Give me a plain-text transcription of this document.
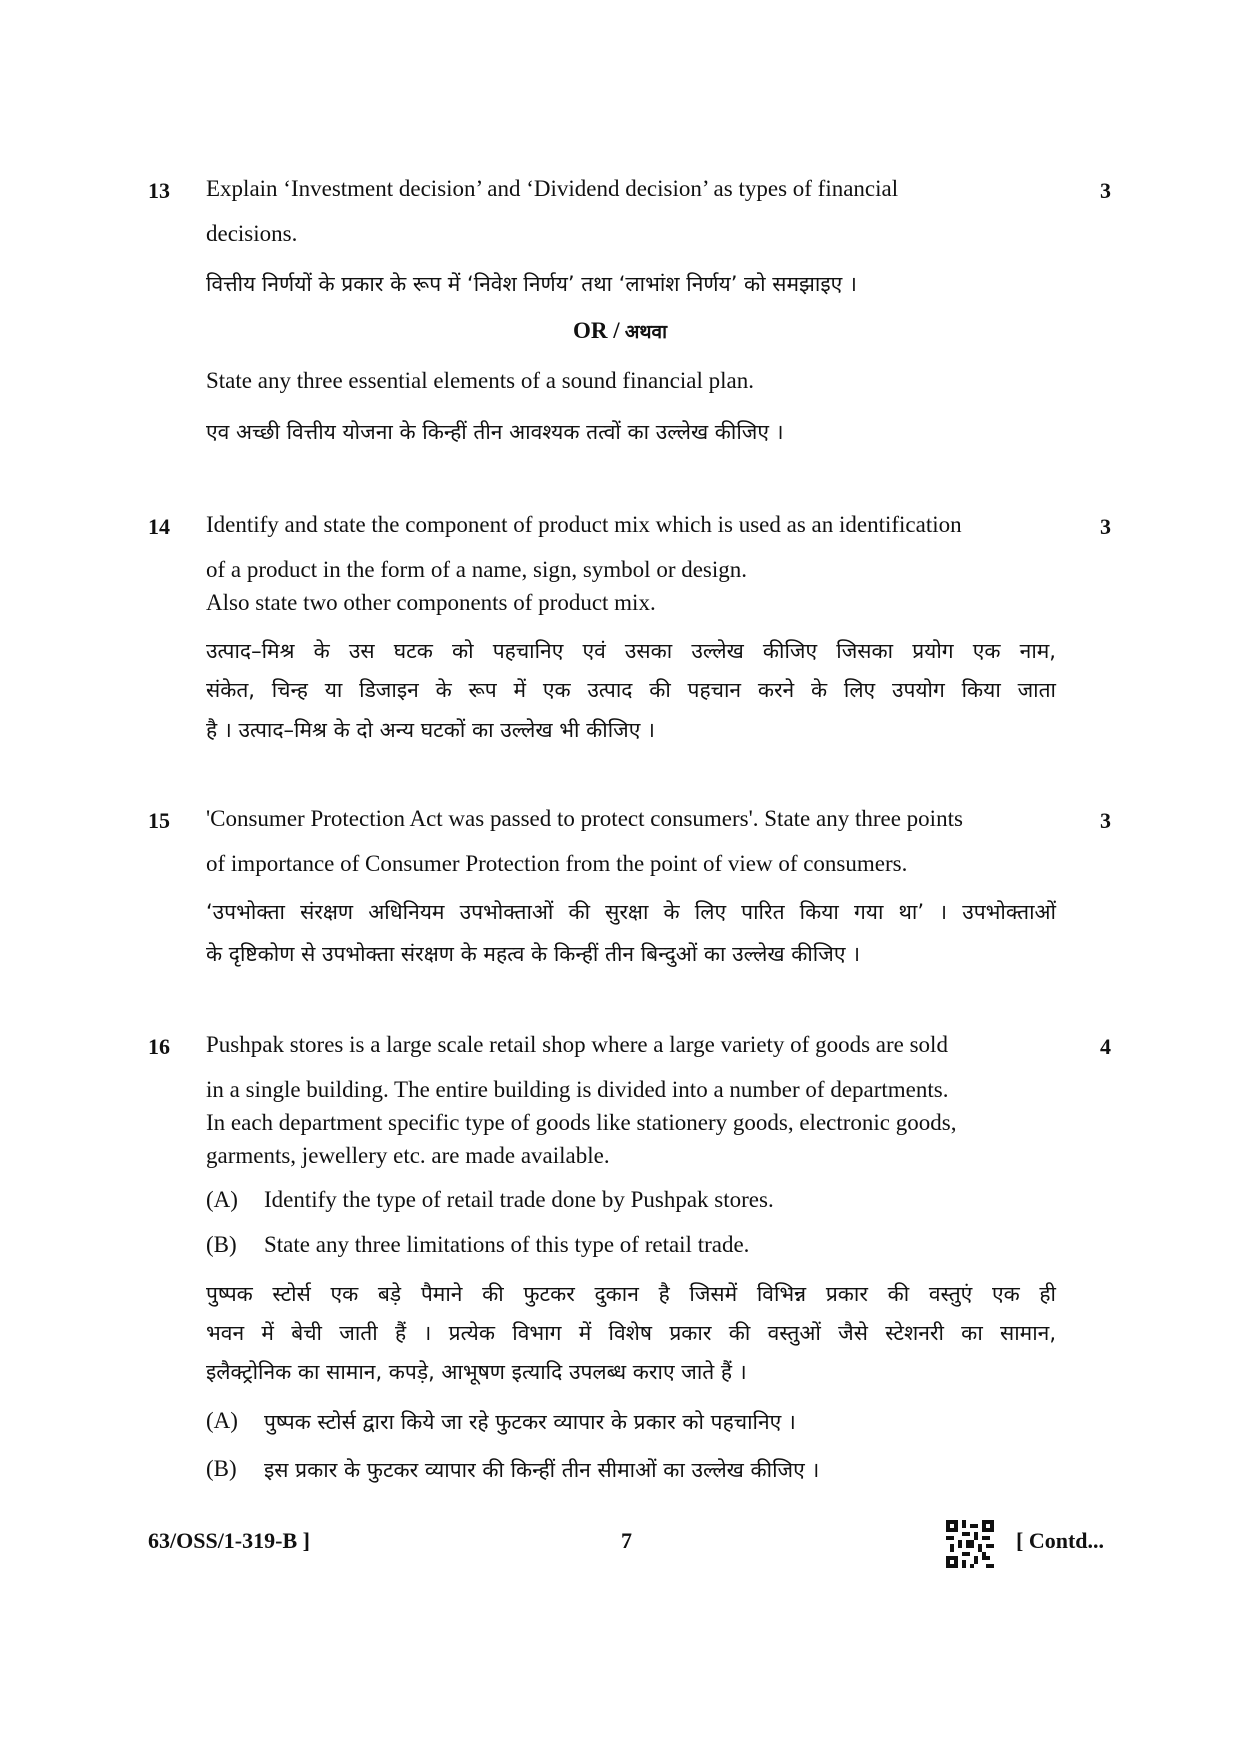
13	3
Explain ‘Investment decision’ and ‘Dividend decision’ as types of financial
decisions.
वित्तीय निर्णयों के प्रकार के रूप में ‘निवेश निर्णय’ तथा ‘लाभांश निर्णय’ को समझाइए ।
OR / अथवा
State any three essential elements of a sound financial plan.
एव अच्छी वित्तीय योजना के किन्हीं तीन आवश्यक तत्वों का उल्लेख कीजिए ।
14	3
Identify and state the component of product mix which is used as an identification
of a product in the form of a name, sign, symbol or design.
Also state two other components of product mix.
उत्पाद–मिश्र के उस घटक को पहचानिए एवं उसका उल्लेख कीजिए जिसका प्रयोग एक नाम,
संकेत, चिन्ह या डिजाइन के रूप में एक उत्पाद की पहचान करने के लिए उपयोग किया जाता
है । उत्पाद–मिश्र के दो अन्य घटकों का उल्लेख भी कीजिए ।
15	3
'Consumer Protection Act was passed to protect consumers'. State any three points
of importance of Consumer Protection from the point of view of consumers.
‘उपभोक्ता संरक्षण अधिनियम उपभोक्ताओं की सुरक्षा के लिए पारित किया गया था’ । उपभोक्ताओं
के दृष्टिकोण से उपभोक्ता संरक्षण के महत्व के किन्हीं तीन बिन्दुओं का उल्लेख कीजिए ।
16	4
Pushpak stores is a large scale retail shop where a large variety of goods are sold
in a single building. The entire building is divided into a number of departments.
In each department specific type of goods like stationery goods, electronic goods,
garments, jewellery etc. are made available.
(A) Identify the type of retail trade done by Pushpak stores.
(B) State any three limitations of this type of retail trade.
पुष्पक स्टोर्स एक बड़े पैमाने की फुटकर दुकान है जिसमें विभिन्न प्रकार की वस्तुएं एक ही
भवन में बेची जाती हैं । प्रत्येक विभाग में विशेष प्रकार की वस्तुओं जैसे स्टेशनरी का सामान,
इलैक्ट्रोनिक का सामान, कपड़े, आभूषण इत्यादि उपलब्ध कराए जाते हैं ।
(A) पुष्पक स्टोर्स द्वारा किये जा रहे फुटकर व्यापार के प्रकार को पहचानिए ।
(B) इस प्रकार के फुटकर व्यापार की किन्हीं तीन सीमाओं का उल्लेख कीजिए ।
63/OSS/1-319-B ]	7	[ Contd...
